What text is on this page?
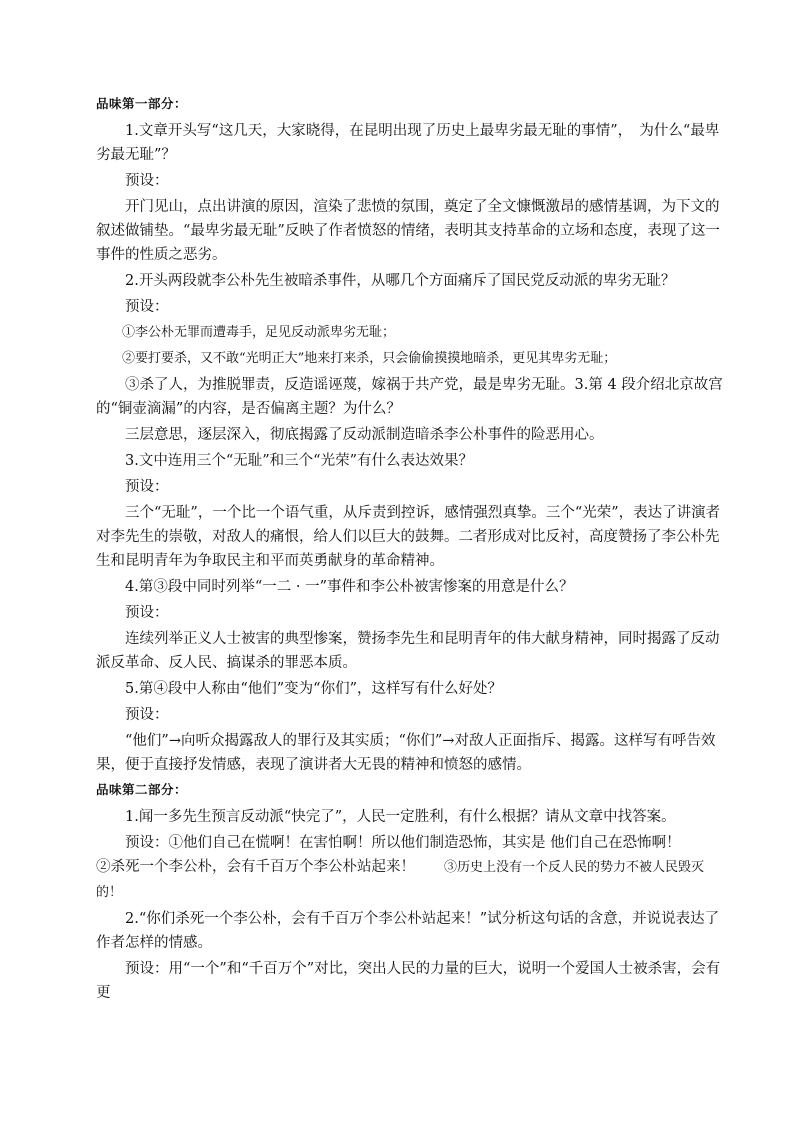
品味第一部分：

1.文章开头写“这几天，大家晓得，在昆明出现了历史上最卑劣最无耻的事情”，　为什么“最卑劣最无耻”？

预设：

开门见山，点出讲演的原因，渲染了悲愤的氛围，奠定了全文慷慨激昂的感情基调，为下文的叙述做铺垫。“最卑劣最无耻”反映了作者愤怒的情绪，表明其支持革命的立场和态度，表现了这一事件的性质之恶劣。

2.开头两段就李公朴先生被暗杀事件，从哪几个方面痛斥了国民党反动派的卑劣无耻？

预设：

①李公朴无罪而遭毒手，足见反动派卑劣无耻；

②要打要杀，又不敢“光明正大”地来打来杀，只会偷偷摸摸地暗杀，更见其卑劣无耻；

③杀了人，为推脱罪责，反造谣诬蔑，嫁祸于共产党，最是卑劣无耻。3.第 4 段介绍北京故宫的“铜壶滴漏”的内容，是否偏离主题？为什么？

三层意思，逐层深入，彻底揭露了反动派制造暗杀李公朴事件的险恶用心。

3.文中连用三个“无耻”和三个“光荣”有什么表达效果？

预设：

三个“无耻”，一个比一个语气重，从斥责到控诉，感情强烈真挚。三个“光荣”，表达了讲演者对李先生的崇敬，对敌人的痛恨，给人们以巨大的鼓舞。二者形成对比反衬，高度赞扬了李公朴先生和昆明青年为争取民主和平而英勇献身的革命精神。

4.第③段中同时列举“一二 · 一”事件和李公朴被害惨案的用意是什么？

预设：

连续列举正义人士被害的典型惨案，赞扬李先生和昆明青年的伟大献身精神，同时揭露了反动派反革命、反人民、搞谋杀的罪恶本质。

5.第④段中人称由“他们”变为“你们”，这样写有什么好处？

预设：

“他们”→向听众揭露敌人的罪行及其实质；“你们”→对敌人正面指斥、揭露。这样写有呼告效果，便于直接抒发情感，表现了演讲者大无畏的精神和愤怒的感情。

品味第二部分：

1.闻一多先生预言反动派“快完了”，人民一定胜利，有什么根据？请从文章中找答案。

预设：①他们自己在慌啊！在害怕啊！所以他们制造恐怖，其实是 他们自己在恐怖啊！　　②杀死一个李公朴，会有千百万个李公朴站起来！　　③历史上没有一个反人民的势力不被人民毁灭的！

2.“你们杀死一个李公朴，会有千百万个李公朴站起来！”试分析这句话的含意，并说说表达了作者怎样的情感。

预设：用“一个”和“千百万个”对比，突出人民的力量的巨大，说明一个爱国人士被杀害，会有更
